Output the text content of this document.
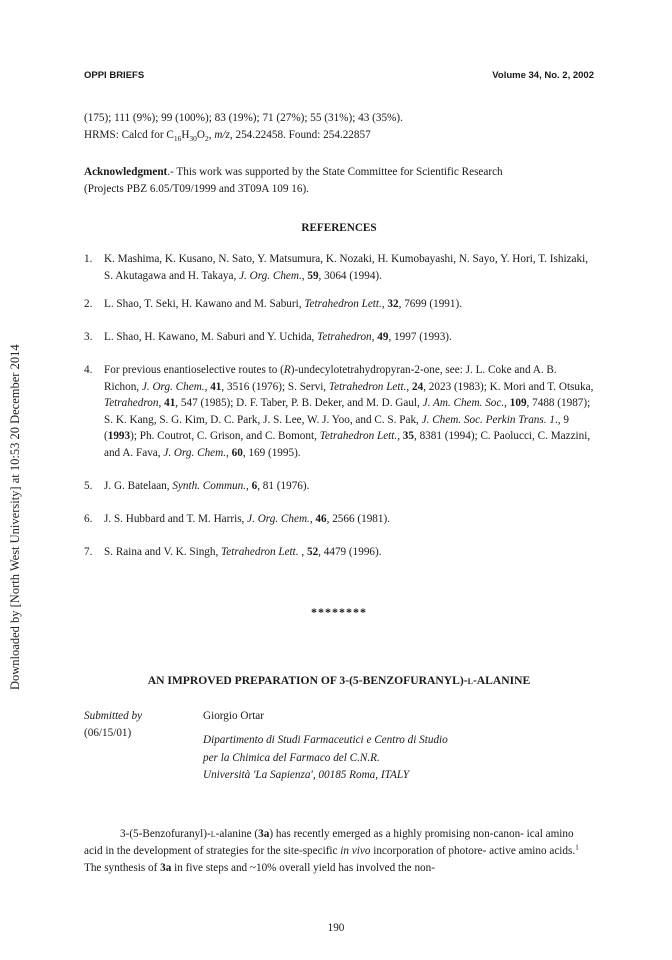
Downloaded by [North West University] at 10:53 20 December 2014
OPPI BRIEFS	Volume 34, No. 2, 2002
(175); 111 (9%); 99 (100%); 83 (19%); 71 (27%); 55 (31%); 43 (35%).
HRMS: Calcd for $C_{16}H_{30}O_2$, m/z, 254.22458. Found: 254.22857
Acknowledgment.- This work was supported by the State Committee for Scientific Research
(Projects PBZ 6.05/T09/1999 and 3T09A 109 16).
REFERENCES
1. K. Mashima, K. Kusano, N. Sato, Y. Matsumura, K. Nozaki, H. Kumobayashi, N. Sayo, Y. Hori, T. Ishizaki, S. Akutagawa and H. Takaya, J. Org. Chem., 59, 3064 (1994).
2. L. Shao, T. Seki, H. Kawano and M. Saburi, Tetrahedron Lett., 32, 7699 (1991).
3. L. Shao, H. Kawano, M. Saburi and Y. Uchida, Tetrahedron, 49, 1997 (1993).
4. For previous enantioselective routes to (R)-undecylotetrahydropyran-2-one, see: J. L. Coke and A. B. Richon, J. Org. Chem., 41, 3516 (1976); S. Servi, Tetrahedron Lett., 24, 2023 (1983); K. Mori and T. Otsuka, Tetrahedron, 41, 547 (1985); D. F. Taber, P. B. Deker, and M. D. Gaul, J. Am. Chem. Soc., 109, 7488 (1987); S. K. Kang, S. G. Kim, D. C. Park, J. S. Lee, W. J. Yoo, and C. S. Pak, J. Chem. Soc. Perkin Trans. 1., 9 (1993); Ph. Coutrot, C. Grison, and C. Bomont, Tetrahedron Lett., 35, 8381 (1994); C. Paolucci, C. Mazzini, and A. Fava, J. Org. Chem., 60, 169 (1995).
5. J. G. Batelaan, Synth. Commun., 6, 81 (1976).
6. J. S. Hubbard and T. M. Harris, J. Org. Chem., 46, 2566 (1981).
7. S. Raina and V. K. Singh, Tetrahedron Lett. , 52, 4479 (1996).
********
AN IMPROVED PREPARATION OF 3-(5-BENZOFURANYL)-l-ALANINE
Submitted by
(06/15/01)
Giorgio Ortar
Dipartimento di Studi Farmaceutici e Centro di Studio
per la Chimica del Farmaco del C.N.R.
Università 'La Sapienza', 00185 Roma, ITALY
3-(5-Benzofuranyl)-l-alanine (3a) has recently emerged as a highly promising non-canon- ical amino acid in the development of strategies for the site-specific in vivo incorporation of photore- active amino acids.$^1$ The synthesis of 3a in five steps and ~10% overall yield has involved the non-
190
